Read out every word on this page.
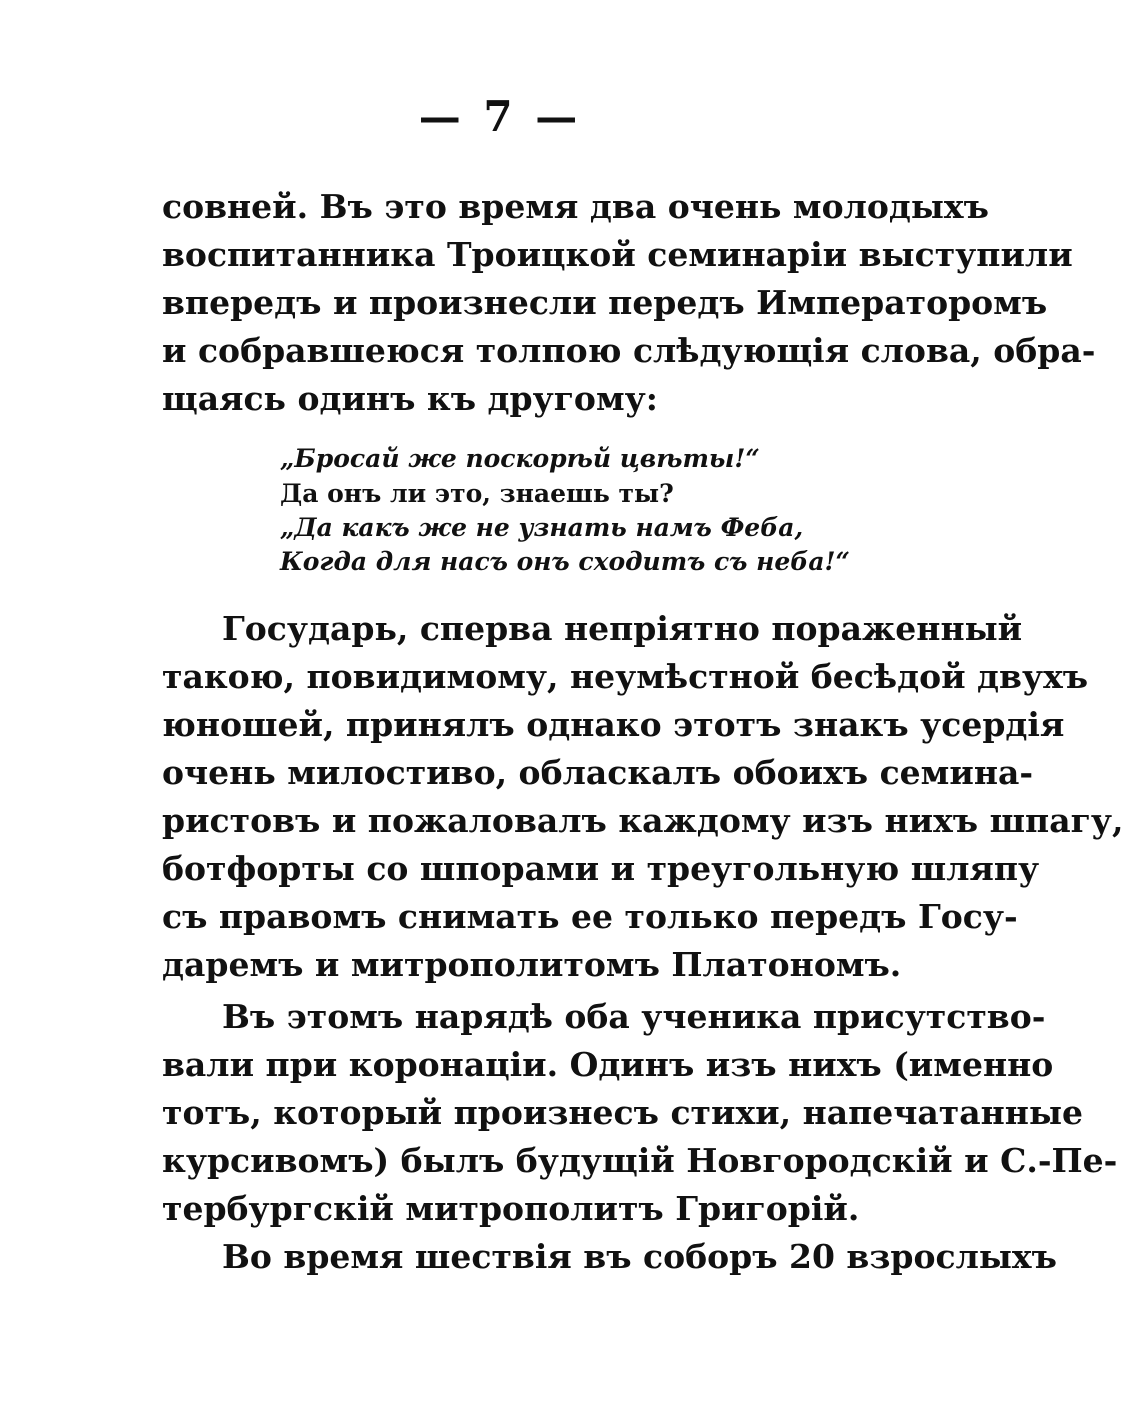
— 7 —
совней. Въ это время два очень молодыхъ
воспитанника Троицкой семинаріи выступили
впередъ и произнесли передъ Императоромъ
и собравшеюся толпою слѣдующія слова, обра-
щаясь одинъ къ другому:
„Бросай же поскорѣй цвѣты!“
Да онъ ли это, знаешь ты?
„Да какъ же не узнать намъ Феба,
Когда для насъ онъ сходитъ съ неба!“
Государь, сперва непріятно пораженный
такою, повидимому, неумѣстной бесѣдой двухъ
юношей, принялъ однако этотъ знакъ усердія
очень милостиво, обласкалъ обоихъ семина-
ристовъ и пожаловалъ каждому изъ нихъ шпагу,
ботфорты со шпорами и треугольную шляпу
съ правомъ снимать ее только передъ Госу-
даремъ и митрополитомъ Платономъ.
Въ этомъ нарядѣ оба ученика присутство-
вали при коронаціи. Одинъ изъ нихъ (именно
тотъ, который произнесъ стихи, напечатанные
курсивомъ) былъ будущій Новгородскій и С.-Пе-
тербургскій митрополитъ Григорій.
Во время шествія въ соборъ 20 взрослыхъ
